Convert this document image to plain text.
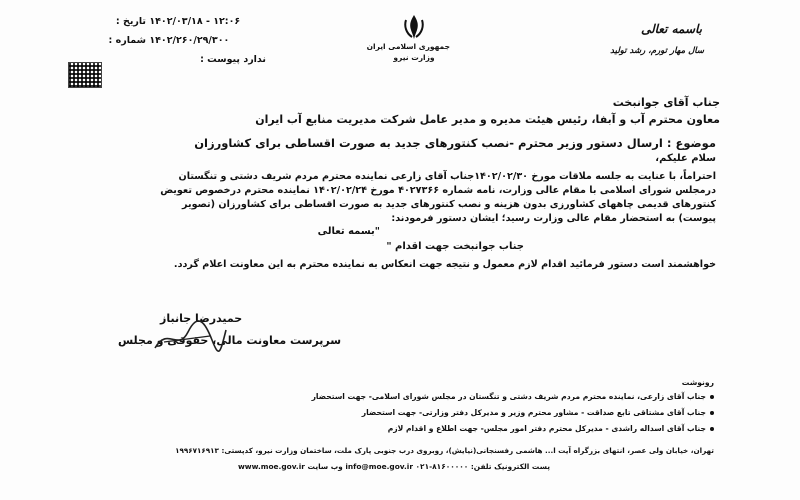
تاریخ : ۱۴۰۲/۰۳/۱۸ - ۱۲:۰۶
شماره : ۱۴۰۲/۲۶۰/۲۹/۳۰۰
پیوست : ندارد
جمهوری اسلامی ایران
وزارت نیرو
باسمه تعالی
سال مهار تورم، رشد تولید
جناب آقای جوانبخت
معاون محترم آب و آبفا، رئیس هیئت مدیره و مدیر عامل شرکت مدیریت منابع آب ایران
موضوع : ارسال دستور وزیر محترم -نصب کنتورهای جدید به صورت اقساطی برای کشاورزان
سلام علیکم،
احتراماً، با عنایت به جلسه ملاقات مورخ ۱۴۰۲/۰۲/۳۰جناب آقای زارعی نماینده محترم مردم شریف دشتی و تنگستان
درمجلس شورای اسلامی با مقام عالی وزارت، نامه شماره ۴۰۲۷۳۶۶ مورخ ۱۴۰۲/۰۲/۲۴ نماینده محترم درخصوص تعویض
کنتورهای قدیمی چاههای کشاورزی بدون هزینه و نصب کنتورهای جدید به صورت اقساطی برای کشاورزان (تصویر
پیوست) به استحضار مقام عالی وزارت رسید؛ ایشان دستور فرمودند:
"بسمه تعالی
جناب جوانبخت جهت اقدام "
خواهشمند است دستور فرمائید اقدام لازم معمول و نتیجه جهت انعکاس به نماینده محترم به این معاونت اعلام گردد.
حمیدرضا جانباز
سرپرست معاونت مالی، حقوقی و مجلس
رونوشت
جناب آقای زارعی، نماینده محترم مردم شریف دشتی و تنگستان در مجلس شورای اسلامی- جهت استحضار
جناب آقای مشتاقی تابع صداقت - مشاور محترم وزیر و مدیرکل دفتر وزارتی- جهت استحضار
جناب آقای اسداله راشدی - مدیرکل محترم دفتر امور مجلس- جهت اطلاع و اقدام لازم
تهران، خیابان ولی عصر، انتهای بزرگراه آیت ا... هاشمی رفسنجانی(نیایش)، روبروی درب جنوبی پارک ملت، ساختمان وزارت نیرو، کدپستی: ۱۹۹۶۷۱۶۹۱۳
www.moe.gov.ir وب سایت info@moe.gov.ir پست الکترونیک تلفن: ۸۱۶۰۰۰۰۰-۰۲۱
